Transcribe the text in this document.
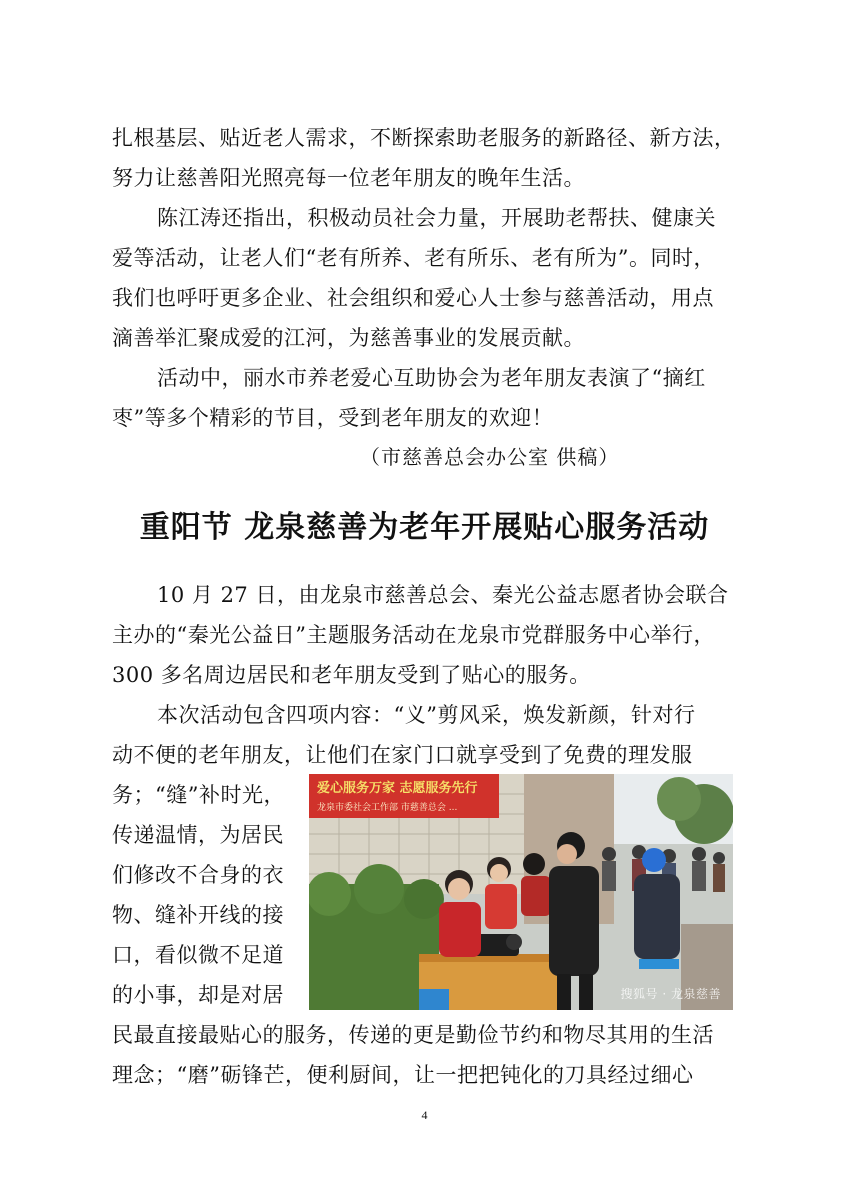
扎根基层、贴近老人需求，不断探索助老服务的新路径、新方法，
努力让慈善阳光照亮每一位老年朋友的晚年生活。
陈江涛还指出，积极动员社会力量，开展助老帮扶、健康关
爱等活动，让老人们“老有所养、老有所乐、老有所为”。同时，
我们也呼吁更多企业、社会组织和爱心人士参与慈善活动，用点
滴善举汇聚成爱的江河，为慈善事业的发展贡献。
活动中，丽水市养老爱心互助协会为老年朋友表演了“摘红
枣”等多个精彩的节目，受到老年朋友的欢迎！
（市慈善总会办公室 供稿）
重阳节 龙泉慈善为老年开展贴心服务活动
10 月 27 日，由龙泉市慈善总会、秦光公益志愿者协会联合
主办的“秦光公益日”主题服务活动在龙泉市党群服务中心举行，
300 多名周边居民和老年朋友受到了贴心的服务。
本次活动包含四项内容：“义”剪风采，焕发新颜，针对行
动不便的老年朋友，让他们在家门口就享受到了免费的理发服
务；“缝”补时光，
传递温情，为居民
们修改不合身的衣
物、缝补开线的接
口，看似微不足道
的小事，却是对居
民最直接最贴心的服务，传递的更是勤俭节约和物尽其用的生活
理念；“磨”砺锋芒，便利厨间，让一把把钝化的刀具经过细心
爱心服务万家 志愿服务先行
龙泉市委社会工作部 市慈善总会 ...
搜狐号 · 龙泉慈善
4
